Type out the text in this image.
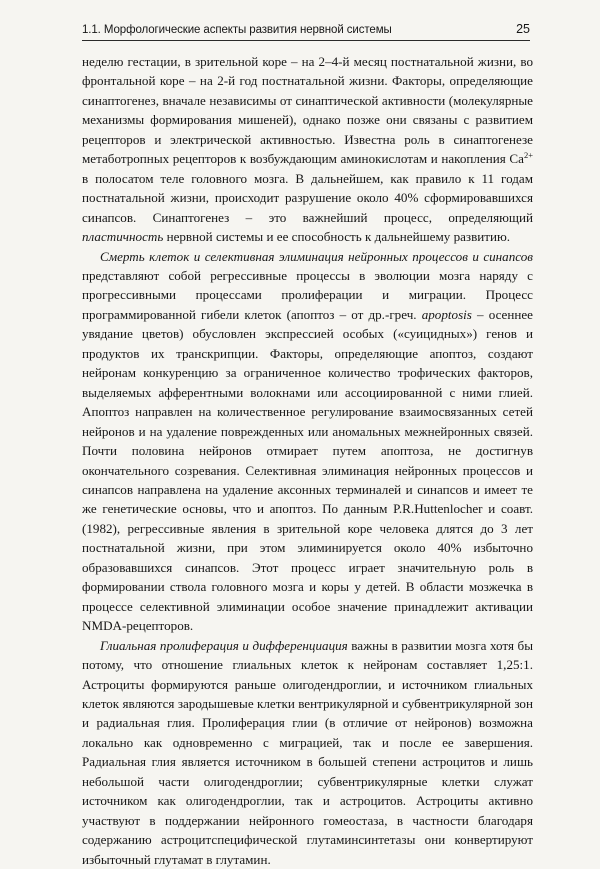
1.1. Морфологические аспекты развития нервной системы	25

неделю гестации, в зрительной коре – на 2–4-й месяц постнатальной жизни, во фронтальной коре – на 2-й год постнатальной жизни. Факторы, определяющие синаптогенез, вначале независимы от синаптической активности (молекулярные механизмы формирования мишеней), однако позже они связаны с развитием рецепторов и электрической активностью. Известна роль в синаптогенезе метаботропных рецепторов к возбуждающим аминокислотам и накопления $Ca^{2+}$ в полосатом теле головного мозга. В дальнейшем, как правило к 11 годам постнатальной жизни, происходит разрушение около 40% сформировавшихся синапсов. Синаптогенез – это важнейший процесс, определяющий пластичность нервной системы и ее способность к дальнейшему развитию.

Смерть клеток и селективная элиминация нейронных процессов и синапсов представляют собой регрессивные процессы в эволюции мозга наряду с прогрессивными процессами пролиферации и миграции. Процесс программированной гибели клеток (апоптоз – от др.-греч. apoptosis – осеннее увядание цветов) обусловлен экспрессией особых («суицидных») генов и продуктов их транскрипции. Факторы, определяющие апоптоз, создают нейронам конкуренцию за ограниченное количество трофических факторов, выделяемых афферентными волокнами или ассоциированной с ними глией. Апоптоз направлен на количественное регулирование взаимосвязанных сетей нейронов и на удаление поврежденных или аномальных межнейронных связей. Почти половина нейронов отмирает путем апоптоза, не достигнув окончательного созревания. Селективная элиминация нейронных процессов и синапсов направлена на удаление аксонных терминалей и синапсов и имеет те же генетические основы, что и апоптоз. По данным P.R.Huttenlocher и соавт. (1982), регрессивные явления в зрительной коре человека длятся до 3 лет постнатальной жизни, при этом элиминируется около 40% избыточно образовавшихся синапсов. Этот процесс играет значительную роль в формировании ствола головного мозга и коры у детей. В области мозжечка в процессе селективной элиминации особое значение принадлежит активации NMDA-рецепторов.

Глиальная пролиферация и дифференциация важны в развитии мозга хотя бы потому, что отношение глиальных клеток к нейронам составляет 1,25:1. Астроциты формируются раньше олигодендроглии, и источником глиальных клеток являются зародышевые клетки вентрикулярной и субвентрикулярной зон и радиальная глия. Пролиферация глии (в отличие от нейронов) возможна локально как одновременно с миграцией, так и после ее завершения. Радиальная глия является источником в большей степени астроцитов и лишь небольшой части олигодендроглии; субвентрикулярные клетки служат источником как олигодендроглии, так и астроцитов. Астроциты активно участвуют в поддержании нейронного гомеостаза, в частности благодаря содержанию астроцитспецифической глутаминсинтетазы они конвертируют избыточный глутамат в глутамин.
